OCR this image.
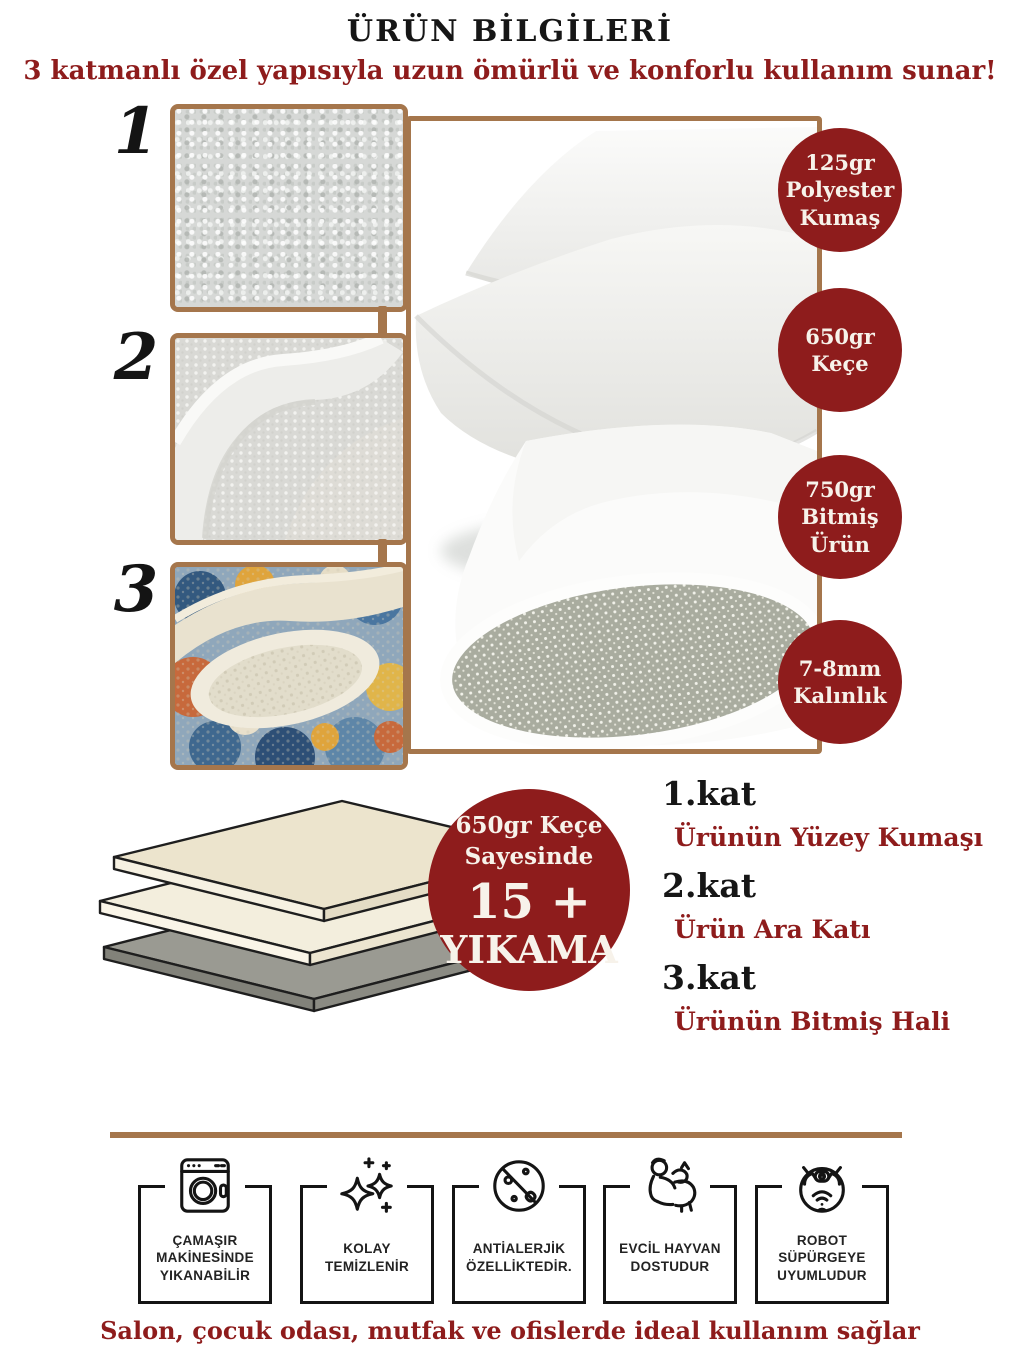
ÜRÜN BİLGİLERİ
3 katmanlı özel yapısıyla uzun ömürlü ve konforlu kullanım sunar!
1
2
3
125gr
Polyester
Kumaş
650gr
Keçe
750gr
Bitmiş
Ürün
7-8mm
Kalınlık
650gr Keçe
Sayesinde
15 +
YIKAMA
1.kat
Ürünün Yüzey Kumaşı
2.kat
Ürün Ara Katı
3.kat
Ürünün Bitmiş Hali
ÇAMAŞIR
MAKİNESİNDE
YIKANABİLİR
KOLAY
TEMİZLENİR
ANTİALERJİK
ÖZELLİKTEDİR.
EVCİL HAYVAN
DOSTUDUR
ROBOT
SÜPÜRGEYE
UYUMLUDUR
Salon, çocuk odası, mutfak ve ofislerde ideal kullanım sağlar
